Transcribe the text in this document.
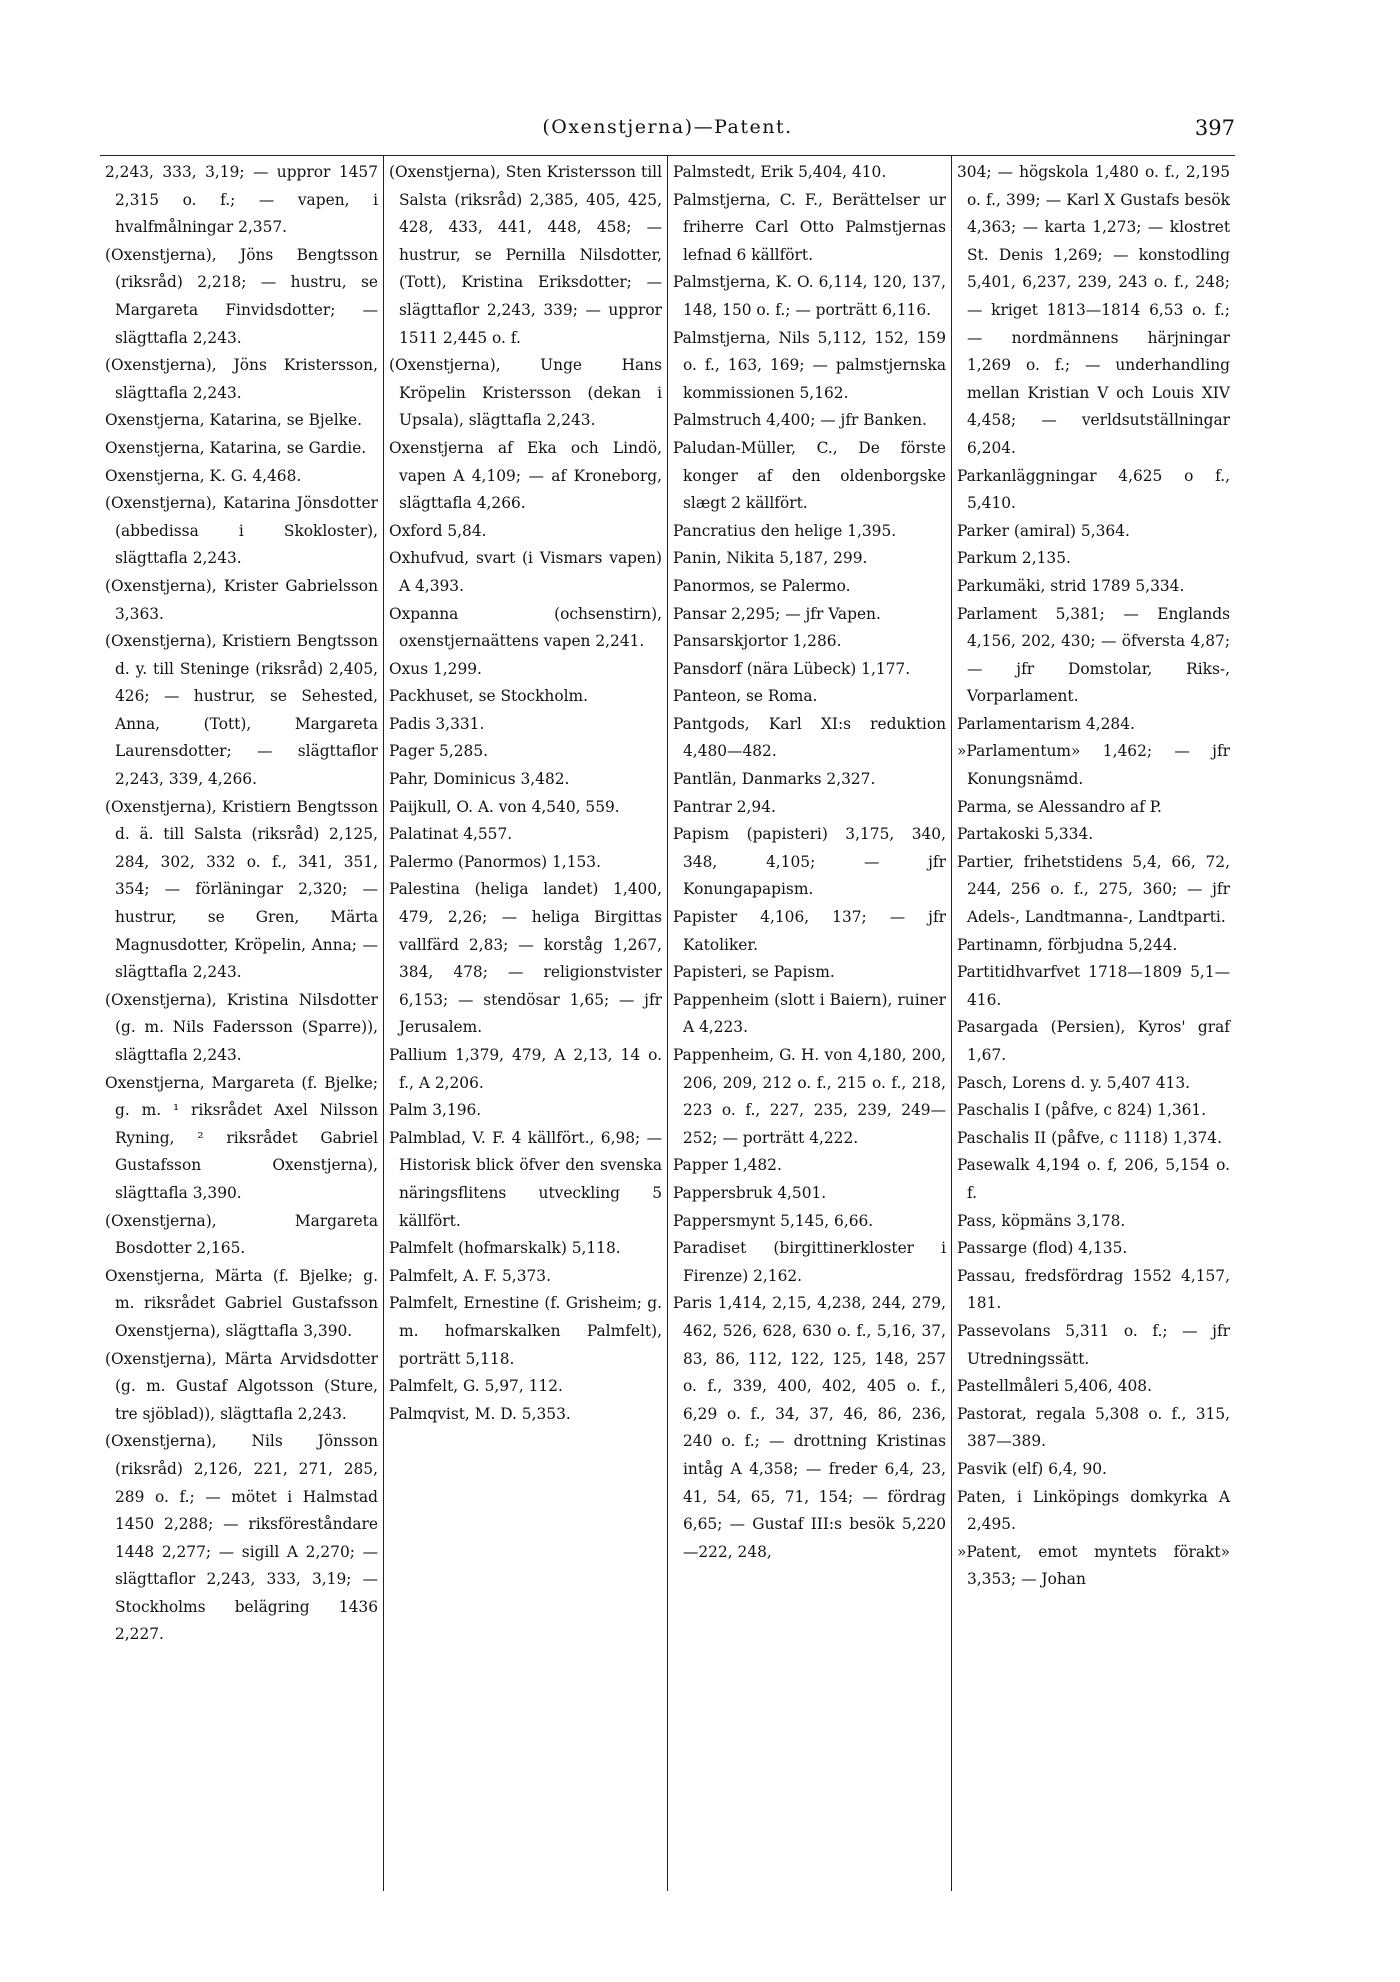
(Oxenstjerna)—Patent.	397

2,243, 333, 3,19; — uppror 1457 2,315 o. f.; — vapen, i hvalfmålningar 2,357.

(Oxenstjerna), Jöns Bengtsson (riksråd) 2,218; — hustru, se Margareta Finvidsdotter; — slägttafla 2,243.

(Oxenstjerna), Jöns Kristersson, slägttafla 2,243.

Oxenstjerna, Katarina, se Bjelke.

Oxenstjerna, Katarina, se Gardie.

Oxenstjerna, K. G. 4,468.

(Oxenstjerna), Katarina Jönsdotter (abbedissa i Skokloster), slägttafla 2,243.

(Oxenstjerna), Krister Gabrielsson 3,363.

(Oxenstjerna), Kristiern Bengtsson d. y. till Steninge (riksråd) 2,405, 426; — hustrur, se Sehested, Anna, (Tott), Margareta Laurensdotter; — slägttaflor 2,243, 339, 4,266.

(Oxenstjerna), Kristiern Bengtsson d. ä. till Salsta (riksråd) 2,125, 284, 302, 332 o. f., 341, 351, 354; — förläningar 2,320; — hustrur, se Gren, Märta Magnusdotter, Kröpelin, Anna; — slägttafla 2,243.

(Oxenstjerna), Kristina Nilsdotter (g. m. Nils Fadersson (Sparre)), slägttafla 2,243.

Oxenstjerna, Margareta (f. Bjelke; g. m. ¹ riksrådet Axel Nilsson Ryning, ² riksrådet Gabriel Gustafsson Oxenstjerna), slägttafla 3,390.

(Oxenstjerna), Margareta Bosdotter 2,165.

Oxenstjerna, Märta (f. Bjelke; g. m. riksrådet Gabriel Gustafsson Oxenstjerna), slägttafla 3,390.

(Oxenstjerna), Märta Arvidsdotter (g. m. Gustaf Algotsson (Sture, tre sjöblad)), slägttafla 2,243.

(Oxenstjerna), Nils Jönsson (riksråd) 2,126, 221, 271, 285, 289 o. f.; — mötet i Halmstad 1450 2,288; — riksföreståndare 1448 2,277; — sigill A 2,270; — slägttaflor 2,243, 333, 3,19; — Stockholms belägring 1436 2,227.

(Oxenstjerna), Sten Kristersson till Salsta (riksråd) 2,385, 405, 425, 428, 433, 441, 448, 458; — hustrur, se Pernilla Nilsdotter, (Tott), Kristina Eriksdotter; — slägttaflor 2,243, 339; — uppror 1511 2,445 o. f.

(Oxenstjerna), Unge Hans Kröpelin Kristersson (dekan i Upsala), slägttafla 2,243.

Oxenstjerna af Eka och Lindö, vapen A 4,109; — af Kroneborg, slägttafla 4,266.

Oxford 5,84.

Oxhufvud, svart (i Vismars vapen) A 4,393.

Oxpanna (ochsenstirn), oxenstjernaättens vapen 2,241.

Oxus 1,299.

Packhuset, se Stockholm.

Padis 3,331.

Pager 5,285.

Pahr, Dominicus 3,482.

Paijkull, O. A. von 4,540, 559.

Palatinat 4,557.

Palermo (Panormos) 1,153.

Palestina (heliga landet) 1,400, 479, 2,26; — heliga Birgittas vallfärd 2,83; — korståg 1,267, 384, 478; — religionstvister 6,153; — stendösar 1,65; — jfr Jerusalem.

Pallium 1,379, 479, A 2,13, 14 o. f., A 2,206.

Palm 3,196.

Palmblad, V. F. 4 källfört., 6,98; — Historisk blick öfver den svenska näringsflitens utveckling 5 källfört.

Palmfelt (hofmarskalk) 5,118.

Palmfelt, A. F. 5,373.

Palmfelt, Ernestine (f. Grisheim; g. m. hofmarskalken Palmfelt), porträtt 5,118.

Palmfelt, G. 5,97, 112.

Palmqvist, M. D. 5,353.

Palmstedt, Erik 5,404, 410.

Palmstjerna, C. F., Berättelser ur friherre Carl Otto Palmstjernas lefnad 6 källfört.

Palmstjerna, K. O. 6,114, 120, 137, 148, 150 o. f.; — porträtt 6,116.

Palmstjerna, Nils 5,112, 152, 159 o. f., 163, 169; — palmstjernska kommissionen 5,162.

Palmstruch 4,400; — jfr Banken.

Paludan-Müller, C., De förste konger af den oldenborgske slægt 2 källfört.

Pancratius den helige 1,395.

Panin, Nikita 5,187, 299.

Panormos, se Palermo.

Pansar 2,295; — jfr Vapen.

Pansarskjortor 1,286.

Pansdorf (nära Lübeck) 1,177.

Panteon, se Roma.

Pantgods, Karl XI:s reduktion 4,480—482.

Pantlän, Danmarks 2,327.

Pantrar 2,94.

Papism (papisteri) 3,175, 340, 348, 4,105; — jfr Konungapapism.

Papister 4,106, 137; — jfr Katoliker.

Papisteri, se Papism.

Pappenheim (slott i Baiern), ruiner A 4,223.

Pappenheim, G. H. von 4,180, 200, 206, 209, 212 o. f., 215 o. f., 218, 223 o. f., 227, 235, 239, 249—252; — porträtt 4,222.

Papper 1,482.

Pappersbruk 4,501.

Pappersmynt 5,145, 6,66.

Paradiset (birgittinerkloster i Firenze) 2,162.

Paris 1,414, 2,15, 4,238, 244, 279, 462, 526, 628, 630 o. f., 5,16, 37, 83, 86, 112, 122, 125, 148, 257 o. f., 339, 400, 402, 405 o. f., 6,29 o. f., 34, 37, 46, 86, 236, 240 o. f.; — drottning Kristinas intåg A 4,358; — freder 6,4, 23, 41, 54, 65, 71, 154; — fördrag 6,65; — Gustaf III:s besök 5,220—222, 248,

304; — högskola 1,480 o. f., 2,195 o. f., 399; — Karl X Gustafs besök 4,363; — karta 1,273; — klostret St. Denis 1,269; — konstodling 5,401, 6,237, 239, 243 o. f., 248; — kriget 1813—1814 6,53 o. f.; — nordmännens härjningar 1,269 o. f.; — underhandling mellan Kristian V och Louis XIV 4,458; — verldsutställningar 6,204.

Parkanläggningar 4,625 o f., 5,410.

Parker (amiral) 5,364.

Parkum 2,135.

Parkumäki, strid 1789 5,334.

Parlament 5,381; — Englands 4,156, 202, 430; — öfversta 4,87; — jfr Domstolar, Riks-, Vorparlament.

Parlamentarism 4,284.

»Parlamentum» 1,462; — jfr Konungsnämd.

Parma, se Alessandro af P.

Partakoski 5,334.

Partier, frihetstidens 5,4, 66, 72, 244, 256 o. f., 275, 360; — jfr Adels-, Landtmanna-, Landtparti.

Partinamn, förbjudna 5,244.

Partitidhvarfvet 1718—1809 5,1—416.

Pasargada (Persien), Kyros' graf 1,67.

Pasch, Lorens d. y. 5,407 413.

Paschalis I (påfve, c 824) 1,361.

Paschalis II (påfve, c 1118) 1,374.

Pasewalk 4,194 o. f, 206, 5,154 o. f.

Pass, köpmäns 3,178.

Passarge (flod) 4,135.

Passau, fredsfördrag 1552 4,157, 181.

Passevolans 5,311 o. f.; — jfr Utredningssätt.

Pastellmåleri 5,406, 408.

Pastorat, regala 5,308 o. f., 315, 387—389.

Pasvik (elf) 6,4, 90.

Paten, i Linköpings domkyrka A 2,495.

»Patent, emot myntets förakt» 3,353; — Johan
